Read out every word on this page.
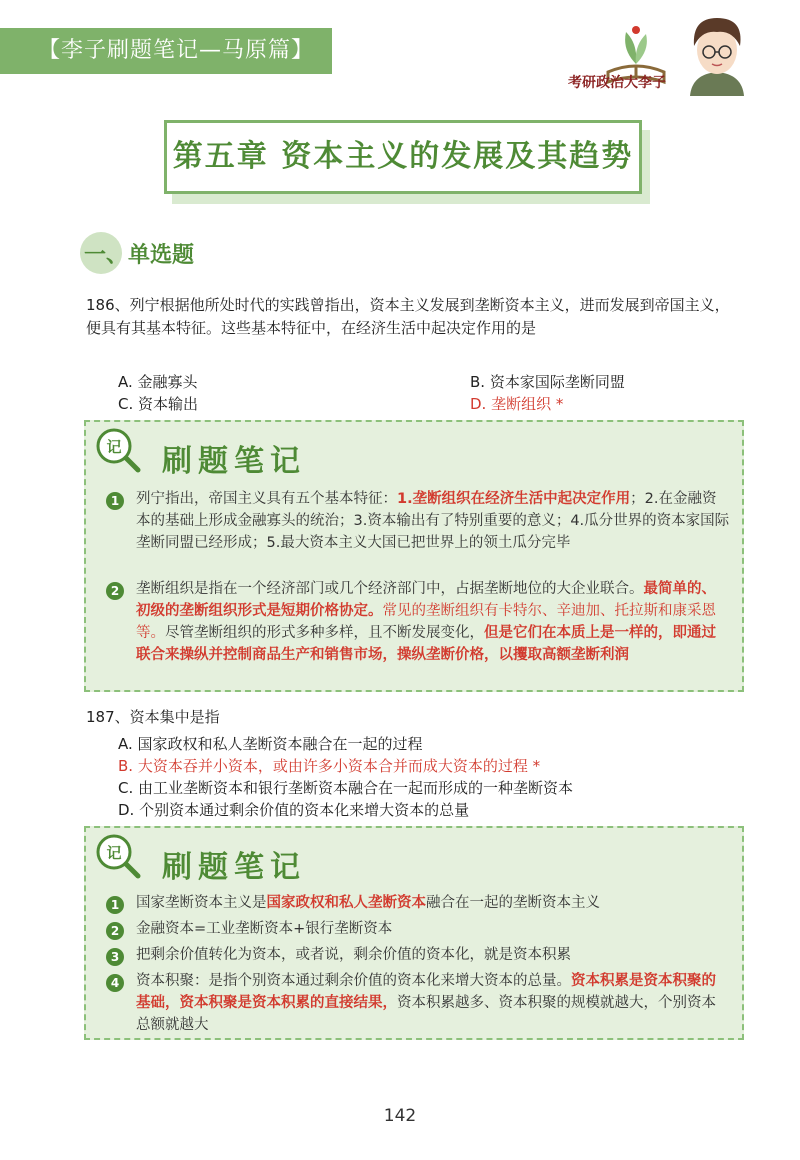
【李子刷题笔记—马原篇】
考研政治大李子
第五章 资本主义的发展及其趋势
一、单选题
186、列宁根据他所处时代的实践曾指出，资本主义发展到垄断资本主义，进而发展到帝国主义，便具有其基本特征。这些基本特征中，在经济生活中起决定作用的是
A. 金融寡头	B. 资本家国际垄断同盟
C. 资本输出	D. 垄断组织 *
记 刷题笔记
1	列宁指出，帝国主义具有五个基本特征：1.垄断组织在经济生活中起决定作用；2.在金融资本的基础上形成金融寡头的统治；3.资本输出有了特别重要的意义；4.瓜分世界的资本家国际垄断同盟已经形成；5.最大资本主义大国已把世界上的领土瓜分完毕
2	垄断组织是指在一个经济部门或几个经济部门中，占据垄断地位的大企业联合。最简单的、初级的垄断组织形式是短期价格协定。常见的垄断组织有卡特尔、辛迪加、托拉斯和康采恩等。尽管垄断组织的形式多种多样，且不断发展变化，但是它们在本质上是一样的，即通过联合来操纵并控制商品生产和销售市场，操纵垄断价格，以攫取高额垄断利润
187、资本集中是指
A. 国家政权和私人垄断资本融合在一起的过程
B. 大资本吞并小资本，或由许多小资本合并而成大资本的过程 *
C. 由工业垄断资本和银行垄断资本融合在一起而形成的一种垄断资本
D. 个别资本通过剩余价值的资本化来增大资本的总量
记 刷题笔记
1	国家垄断资本主义是国家政权和私人垄断资本融合在一起的垄断资本主义
2	金融资本=工业垄断资本+银行垄断资本
3	把剩余价值转化为资本，或者说，剩余价值的资本化，就是资本积累
4	资本积聚：是指个别资本通过剩余价值的资本化来增大资本的总量。资本积累是资本积聚的基础，资本积聚是资本积累的直接结果，资本积累越多、资本积聚的规模就越大，个别资本总额就越大
142
